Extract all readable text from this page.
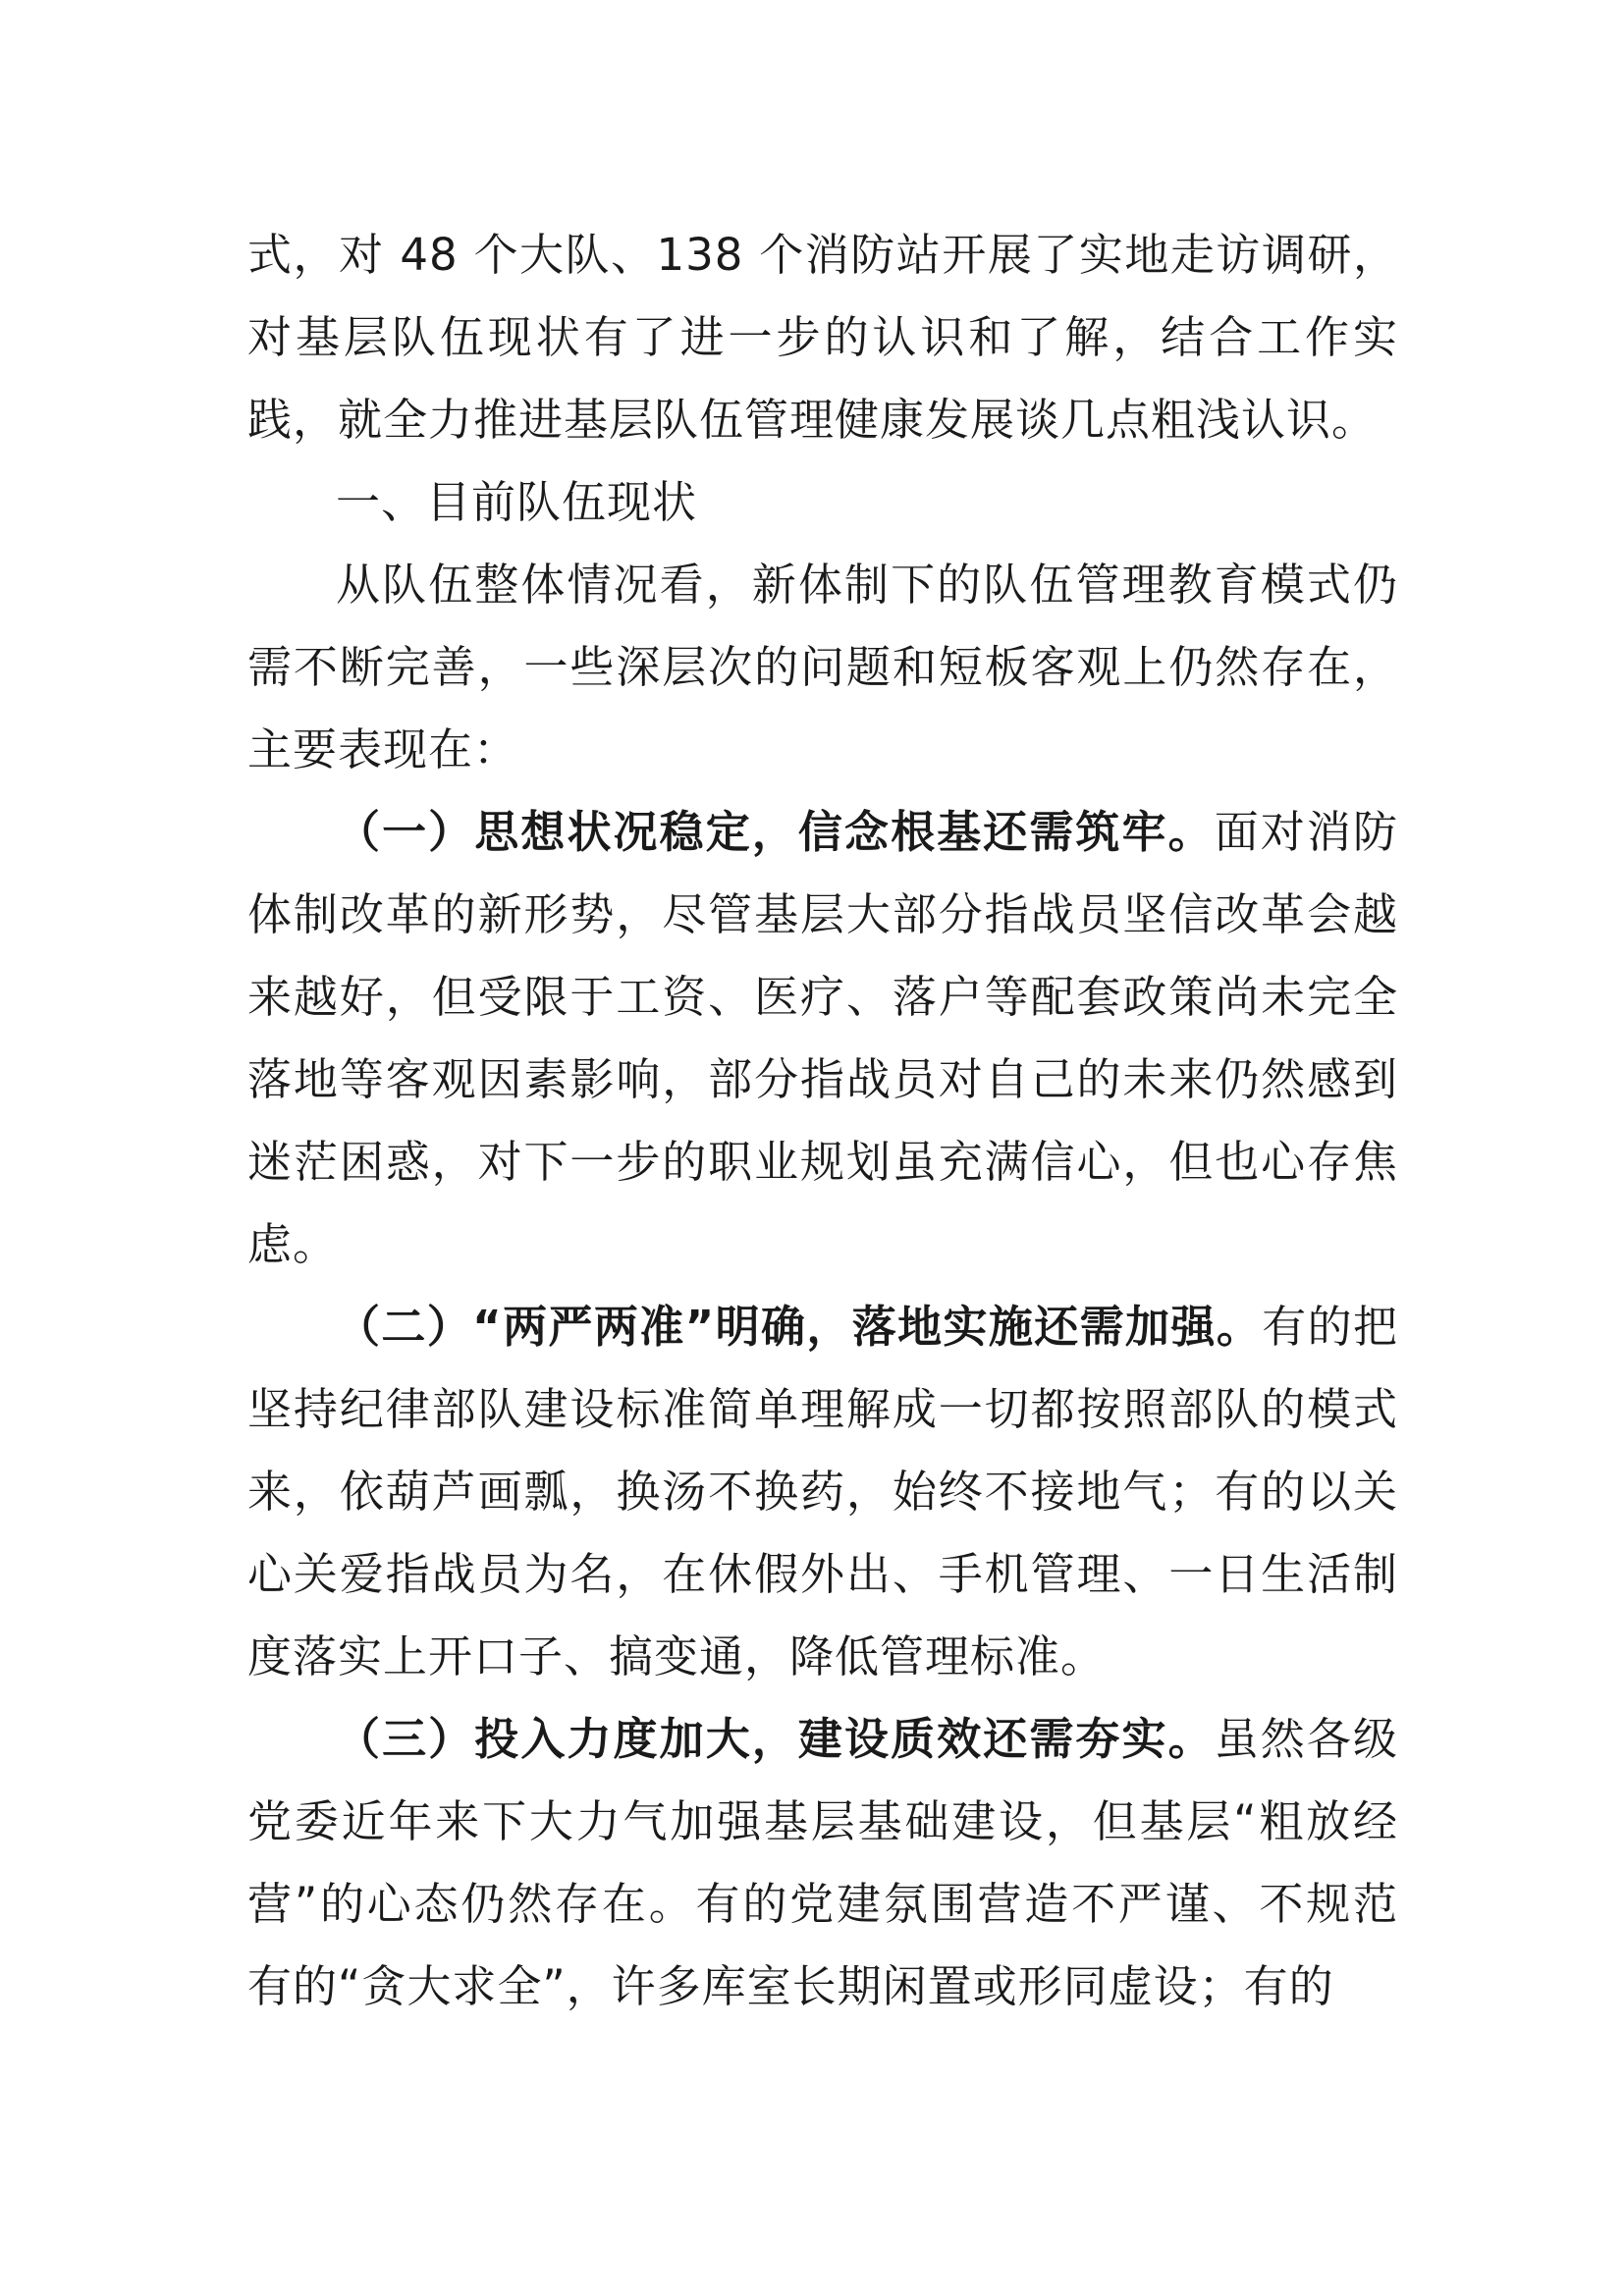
式，对 48 个大队、138 个消防站开展了实地走访调研，对基层队伍现状有了进一步的认识和了解，结合工作实践，就全力推进基层队伍管理健康发展谈几点粗浅认识。

一、目前队伍现状

从队伍整体情况看，新体制下的队伍管理教育模式仍需不断完善，一些深层次的问题和短板客观上仍然存在，主要表现在：

（一）思想状况稳定，信念根基还需筑牢。面对消防体制改革的新形势，尽管基层大部分指战员坚信改革会越来越好，但受限于工资、医疗、落户等配套政策尚未完全落地等客观因素影响，部分指战员对自己的未来仍然感到迷茫困惑，对下一步的职业规划虽充满信心，但也心存焦虑。

（二）“两严两准”明确，落地实施还需加强。有的把坚持纪律部队建设标准简单理解成一切都按照部队的模式来，依葫芦画瓢，换汤不换药，始终不接地气；有的以关心关爱指战员为名，在休假外出、手机管理、一日生活制度落实上开口子、搞变通，降低管理标准。

（三）投入力度加大，建设质效还需夯实。虽然各级党委近年来下大力气加强基层基础建设，但基层“粗放经营”的心态仍然存在。有的党建氛围营造不严谨、不规范有的“贪大求全”，许多库室长期闲置或形同虚设；有的
